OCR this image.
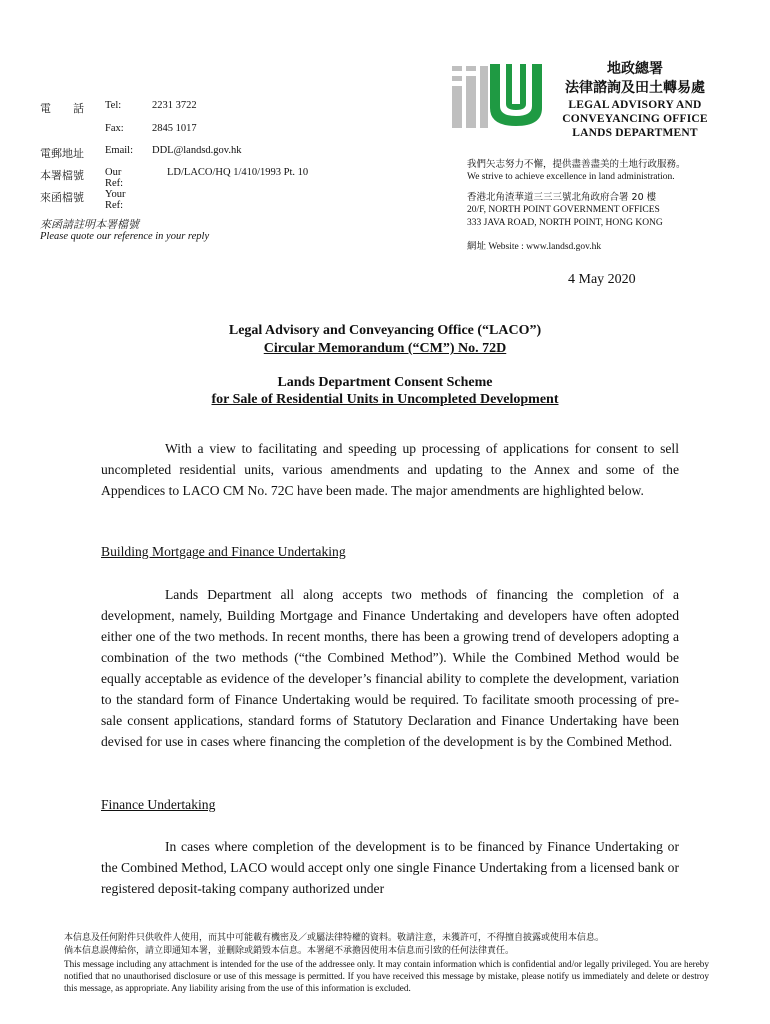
電　　話	Tel:	2231 3722
Fax:	2845 1017
電郵地址	Email: DDL@landsd.gov.hk
本署檔號	Our Ref:
LD/LACO/HQ 1/410/1993 Pt. 10
來函檔號	Your Ref:
來函請註明本署檔號
Please quote our reference in your reply
地政總署
法律諮詢及田土轉易處
LEGAL ADVISORY AND
CONVEYANCING OFFICE
LANDS DEPARTMENT
我們矢志努力不懈，提供盡善盡美的土地行政服務。
We strive to achieve excellence in land administration.
香港北角渣華道三三三號北角政府合署 20 樓
20/F, NORTH POINT GOVERNMENT OFFICES
333 JAVA ROAD, NORTH POINT, HONG KONG
網址 Website : www.landsd.gov.hk
4 May 2020
Legal Advisory and Conveyancing Office (“LACO”)
Circular Memorandum (“CM”) No. 72D
Lands Department Consent Scheme
for Sale of Residential Units in Uncompleted Development

With a view to facilitating and speeding up processing of applications for consent to sell uncompleted residential units, various amendments and updating to the Annex and some of the Appendices to LACO CM No. 72C have been made. The major amendments are highlighted below.

Building Mortgage and Finance Undertaking

Lands Department all along accepts two methods of financing the completion of a development, namely, Building Mortgage and Finance Undertaking and developers have often adopted either one of the two methods. In recent months, there has been a growing trend of developers adopting a combination of the two methods (“the Combined Method”). While the Combined Method would be equally acceptable as evidence of the developer’s financial ability to complete the development, variation to the standard form of Finance Undertaking would be required. To facilitate smooth processing of pre-sale consent applications, standard forms of Statutory Declaration and Finance Undertaking have been devised for use in cases where financing the completion of the development is by the Combined Method.

Finance Undertaking

In cases where completion of the development is to be financed by Finance Undertaking or the Combined Method, LACO would accept only one single Finance Undertaking from a licensed bank or registered deposit-taking company authorized under

本信息及任何附件只供收件人使用，而其中可能載有機密及／或屬法律特權的資料。敬請注意，未獲許可，不得擅自披露或使用本信息。
倘本信息誤傳給你，請立即通知本署，並刪除或銷毀本信息。本署絕不承擔因使用本信息而引致的任何法律責任。
This message including any attachment is intended for the use of the addressee only. It may contain information which is confidential and/or legally privileged. You are hereby notified that no unauthorised disclosure or use of this message is permitted. If you have received this message by mistake, please notify us immediately and delete or destroy this message, as appropriate. Any liability arising from the use of this information is excluded.
